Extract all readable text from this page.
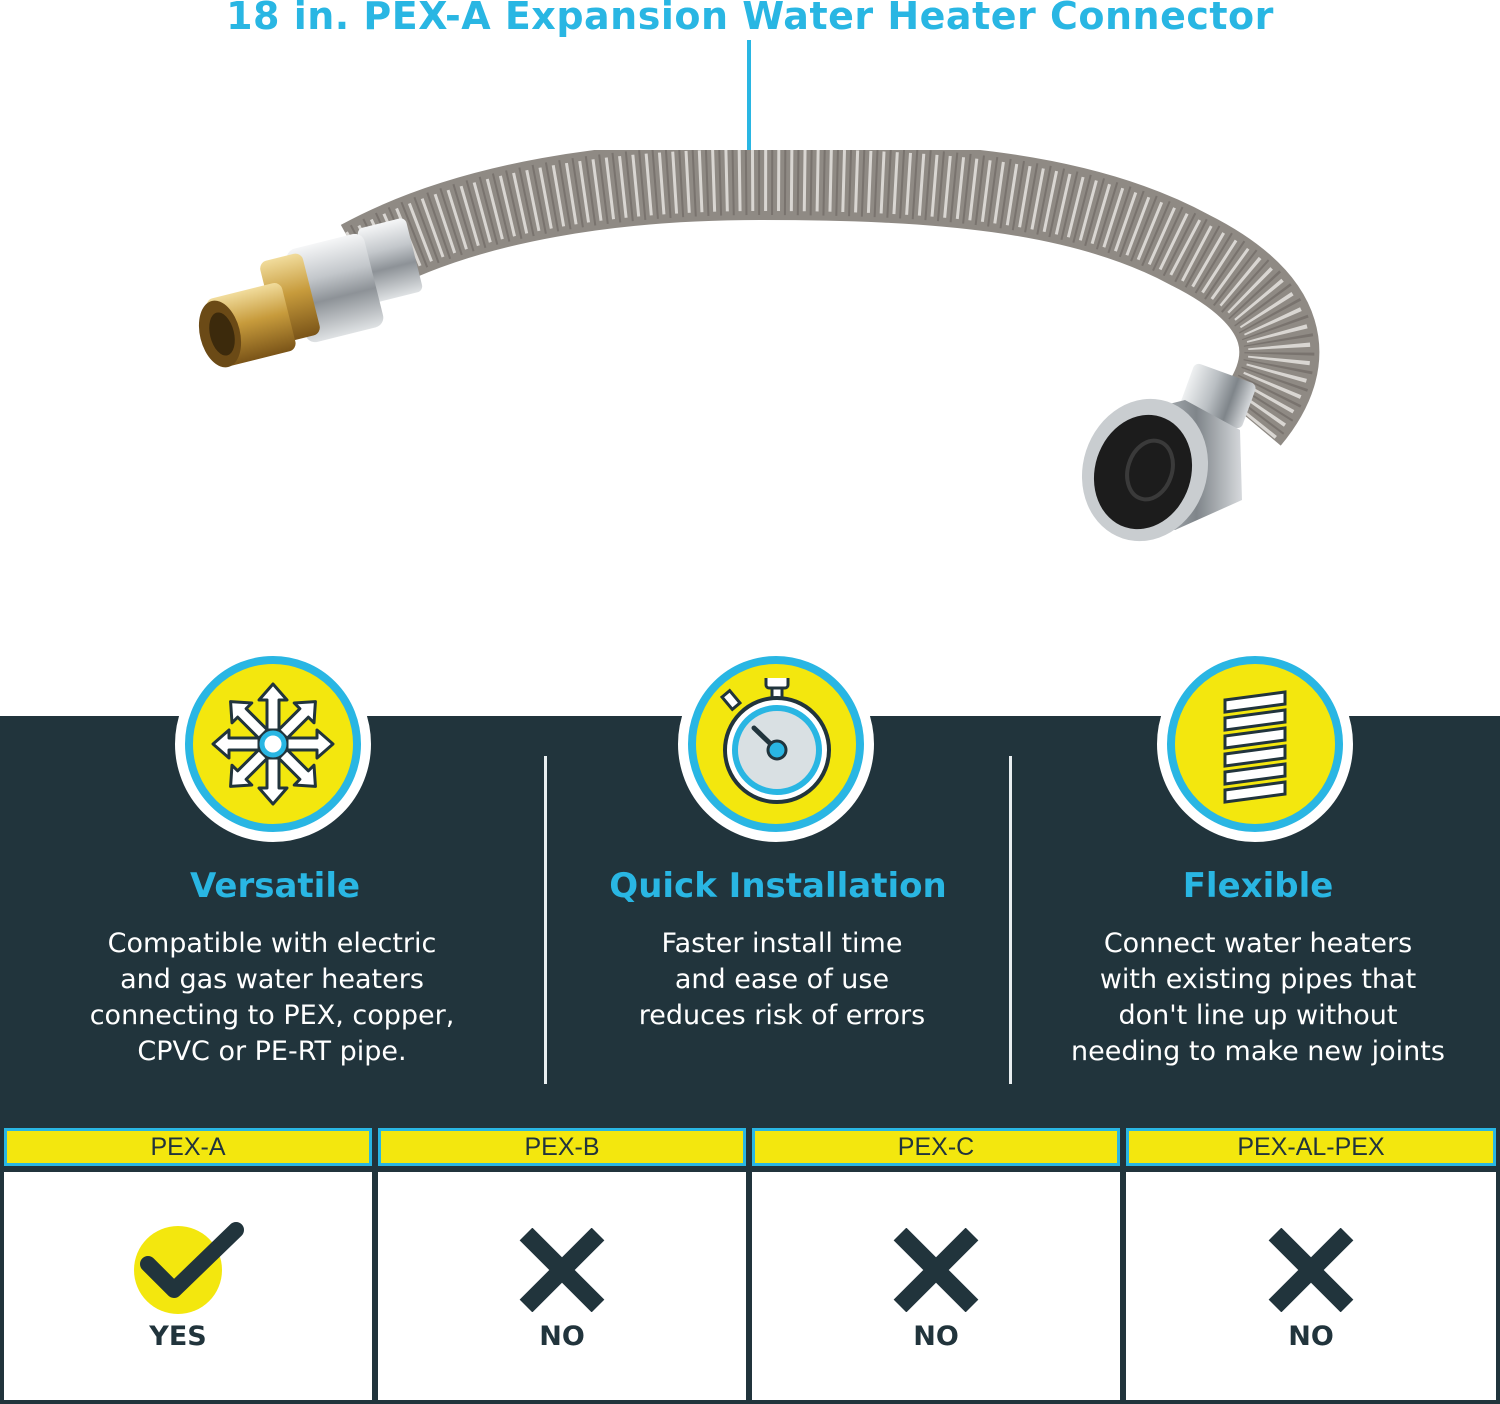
18 in. PEX-A Expansion Water Heater Connector
Versatile
Compatible with electric
and gas water heaters
connecting to PEX, copper,
CPVC or PE-RT pipe.
Quick Installation
Faster install time
and ease of use
reduces risk of errors
Flexible
Connect water heaters
with existing pipes that
don't line up without
needing to make new joints
PEX-A	PEX-B	PEX-C	PEX-AL-PEX
YES	NO	NO	NO
